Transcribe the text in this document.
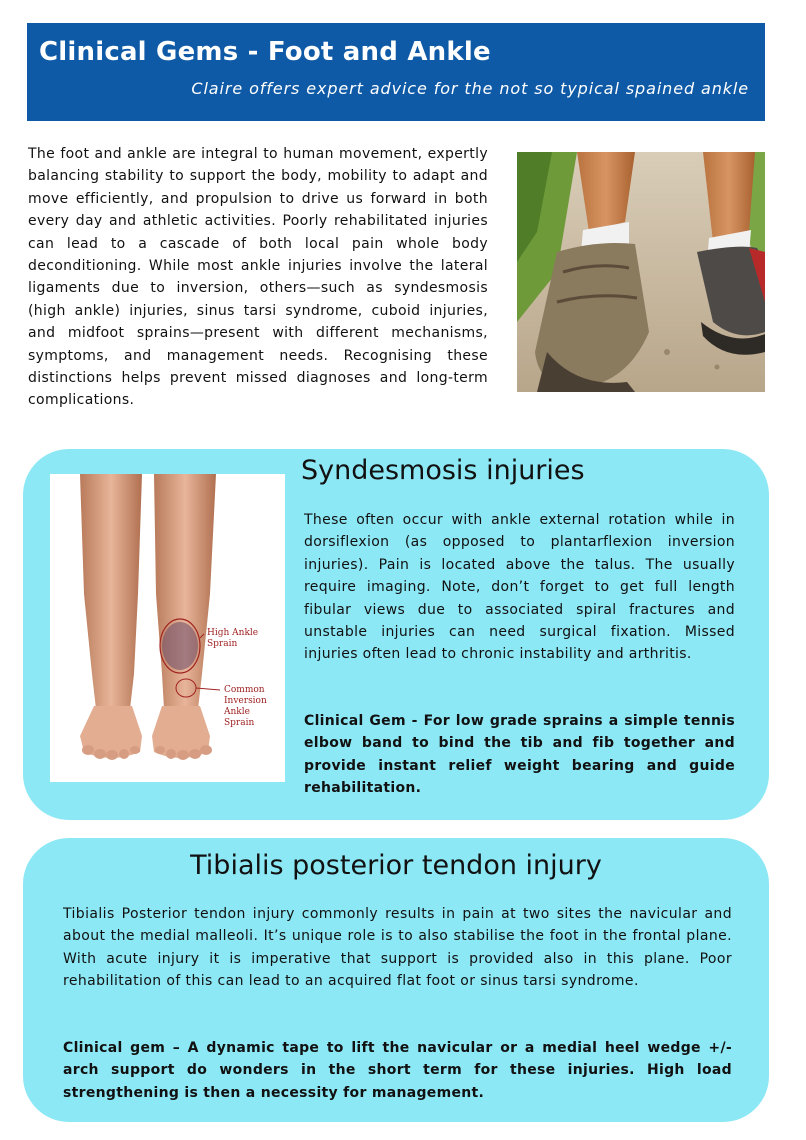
Clinical Gems - Foot and Ankle

Claire offers expert advice for the not so typical spained ankle

The foot and ankle are integral to human movement, expertly balancing stability to support the body, mobility to adapt and move efficiently, and propulsion to drive us forward in both every day and athletic activities. Poorly rehabilitated injuries can lead to a cascade of both local pain whole body deconditioning. While most ankle injuries involve the lateral ligaments due to inversion, others—such as syndesmosis (high ankle) injuries, sinus tarsi syndrome, cuboid injuries, and midfoot sprains—present with different mechanisms, symptoms, and management needs. Recognising these distinctions helps prevent missed diagnoses and long-term complications.

High Ankle
Sprain
Common
Inversion
Ankle
Sprain
Syndesmosis injuries

These often occur with ankle external rotation while in dorsiflexion (as opposed to plantarflexion inversion injuries). Pain is located above the talus. The usually require imaging. Note, don’t forget to get full length fibular views due to associated spiral fractures and unstable injuries can need surgical fixation. Missed injuries often lead to chronic instability and arthritis.

Clinical Gem - For low grade sprains a simple tennis elbow band to bind the tib and fib together and provide instant relief weight bearing and guide rehabilitation.

Tibialis posterior tendon injury

Tibialis Posterior tendon injury commonly results in pain at two sites the navicular and about the medial malleoli. It’s unique role is to also stabilise the foot in the frontal plane. With acute injury it is imperative that support is provided also in this plane. Poor rehabilitation of this can lead to an acquired flat foot or sinus tarsi syndrome.

Clinical gem – A dynamic tape to lift the navicular or a medial heel wedge +/- arch support do wonders in the short term for these injuries. High load strengthening is then a necessity for management.
